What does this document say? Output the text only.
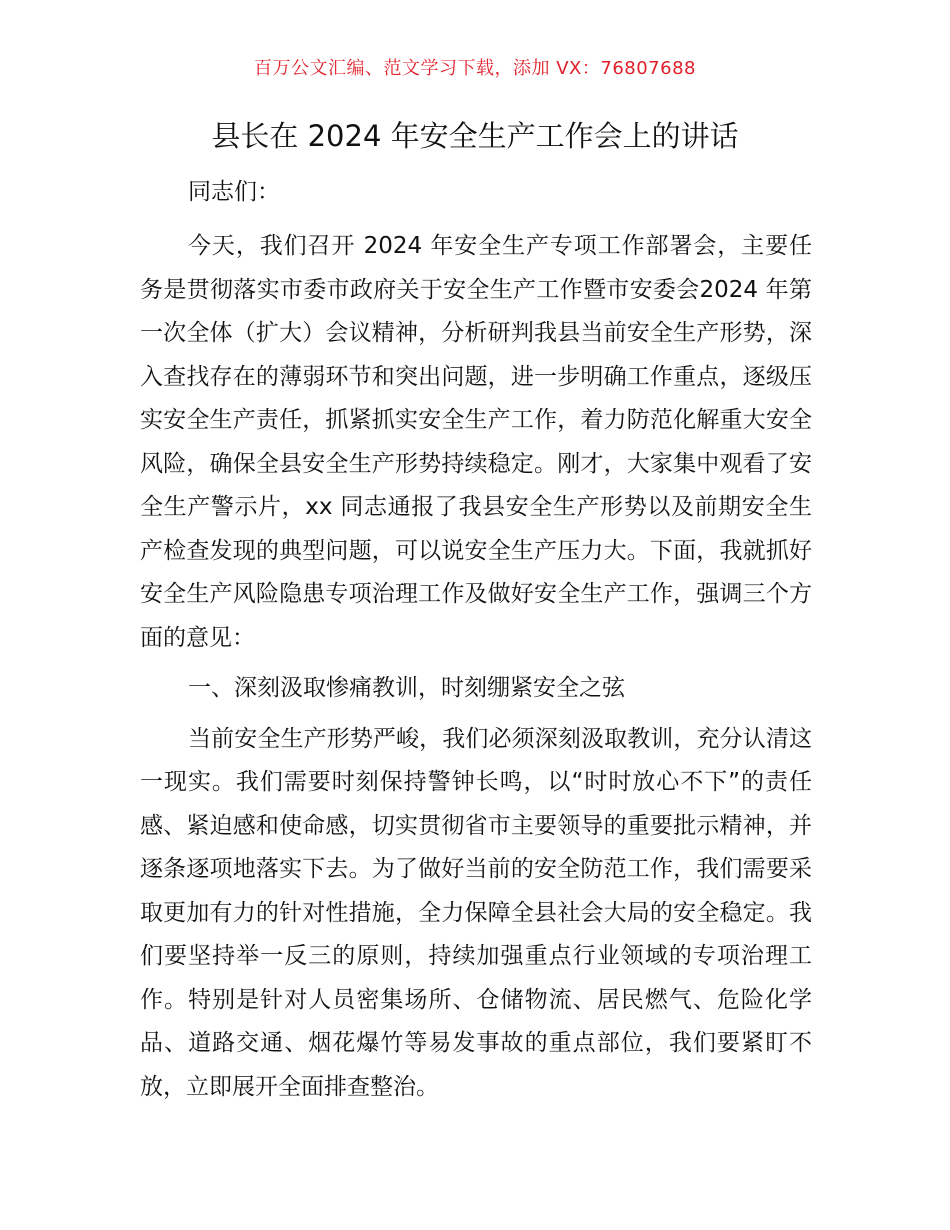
百万公文汇编、范文学习下载，添加 VX：76807688
县长在 2024 年安全生产工作会上的讲话
同志们：

今天，我们召开 2024 年安全生产专项工作部署会，主要任务是贯彻落实市委市政府关于安全生产工作暨市安委会2024 年第一次全体（扩大）会议精神，分析研判我县当前安全生产形势，深入查找存在的薄弱环节和突出问题，进一步明确工作重点，逐级压实安全生产责任，抓紧抓实安全生产工作，着力防范化解重大安全风险，确保全县安全生产形势持续稳定。刚才，大家集中观看了安全生产警示片，xx 同志通报了我县安全生产形势以及前期安全生产检查发现的典型问题，可以说安全生产压力大。下面，我就抓好安全生产风险隐患专项治理工作及做好安全生产工作，强调三个方面的意见：

一、深刻汲取惨痛教训，时刻绷紧安全之弦

当前安全生产形势严峻，我们必须深刻汲取教训，充分认清这一现实。我们需要时刻保持警钟长鸣，以“时时放心不下”的责任感、紧迫感和使命感，切实贯彻省市主要领导的重要批示精神，并逐条逐项地落实下去。为了做好当前的安全防范工作，我们需要采取更加有力的针对性措施，全力保障全县社会大局的安全稳定。我们要坚持举一反三的原则，持续加强重点行业领域的专项治理工作。特别是针对人员密集场所、仓储物流、居民燃气、危险化学品、道路交通、烟花爆竹等易发事故的重点部位，我们要紧盯不放，立即展开全面排查整治。
